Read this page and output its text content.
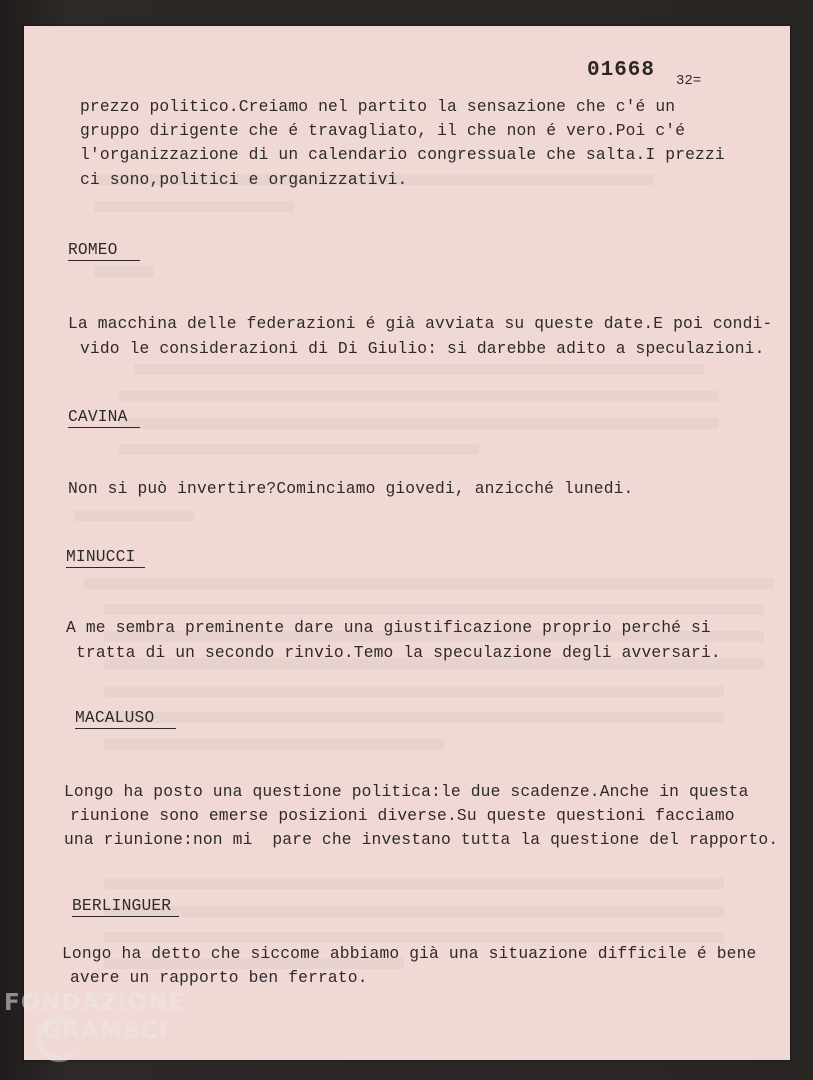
01668 32=
prezzo politico.Creiamo nel partito la sensazione che c'é un
gruppo dirigente che é travagliato, il che non é vero.Poi c'é
l'organizzazione di un calendario congressuale che salta.I prezzi
ci sono,politici e organizzativi.
ROMEO
La macchina delle federazioni é già avviata su queste date.E poi condi-
vido le considerazioni di Di Giulio: si darebbe adito a speculazioni.
CAVINA
Non si può invertire?Cominciamo giovedi, anzicché lunedi.
MINUCCI
A me sembra preminente dare una giustificazione proprio perché si
tratta di un secondo rinvio.Temo la speculazione degli avversari.
MACALUSO
Longo ha posto una questione politica:le due scadenze.Anche in questa
riunione sono emerse posizioni diverse.Su queste questioni facciamo
una riunione:non mi  pare che investano tutta la questione del rapporto.
BERLINGUER
Longo ha detto che siccome abbiamo già una situazione difficile é bene
avere un rapporto ben ferrato.
FONDAZIONE
GRAMSCI
onlus
